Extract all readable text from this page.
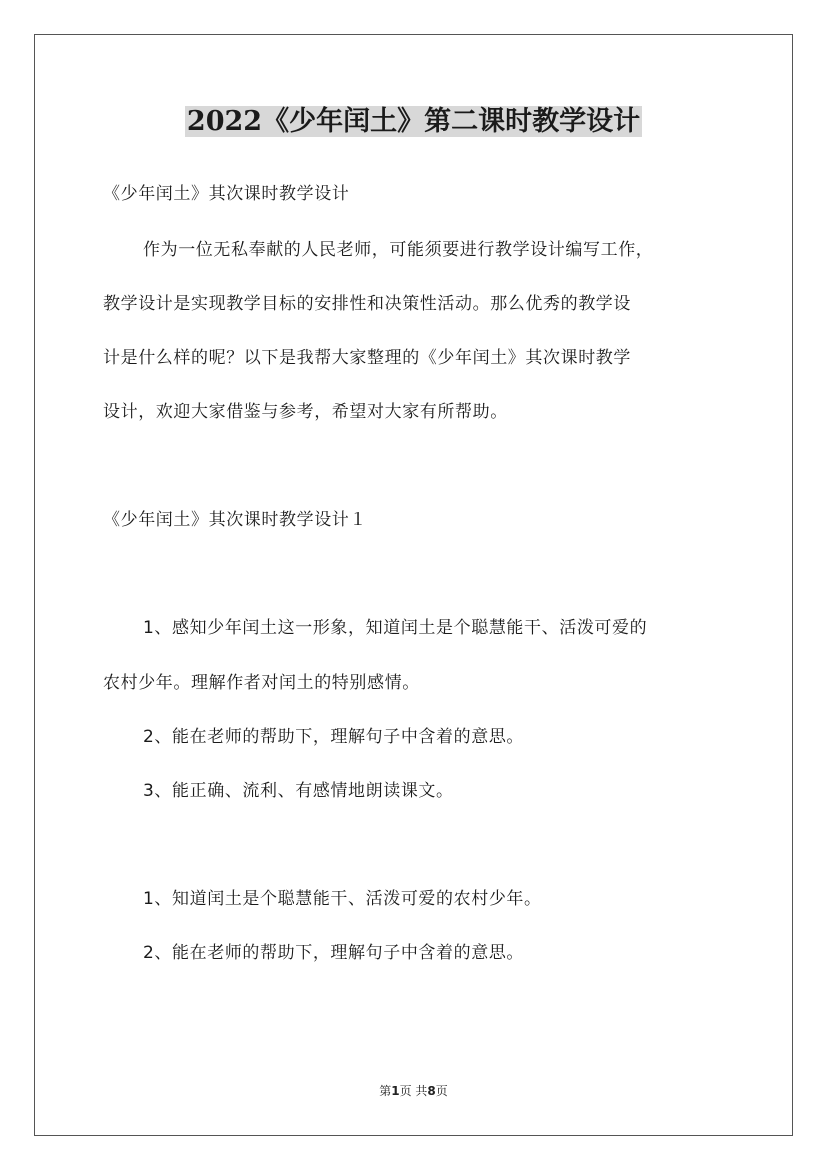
2022《少年闰土》第二课时教学设计

《少年闰土》其次课时教学设计

作为一位无私奉献的人民老师，可能须要进行教学设计编写工作，

教学设计是实现教学目标的安排性和决策性活动。那么优秀的教学设

计是什么样的呢？以下是我帮大家整理的《少年闰土》其次课时教学

设计，欢迎大家借鉴与参考，希望对大家有所帮助。

《少年闰土》其次课时教学设计１

1、感知少年闰土这一形象，知道闰土是个聪慧能干、活泼可爱的

农村少年。理解作者对闰土的特别感情。

2、能在老师的帮助下，理解句子中含着的意思。

3、能正确、流利、有感情地朗读课文。

1、知道闰土是个聪慧能干、活泼可爱的农村少年。

2、能在老师的帮助下，理解句子中含着的意思。

第1页 共8页
